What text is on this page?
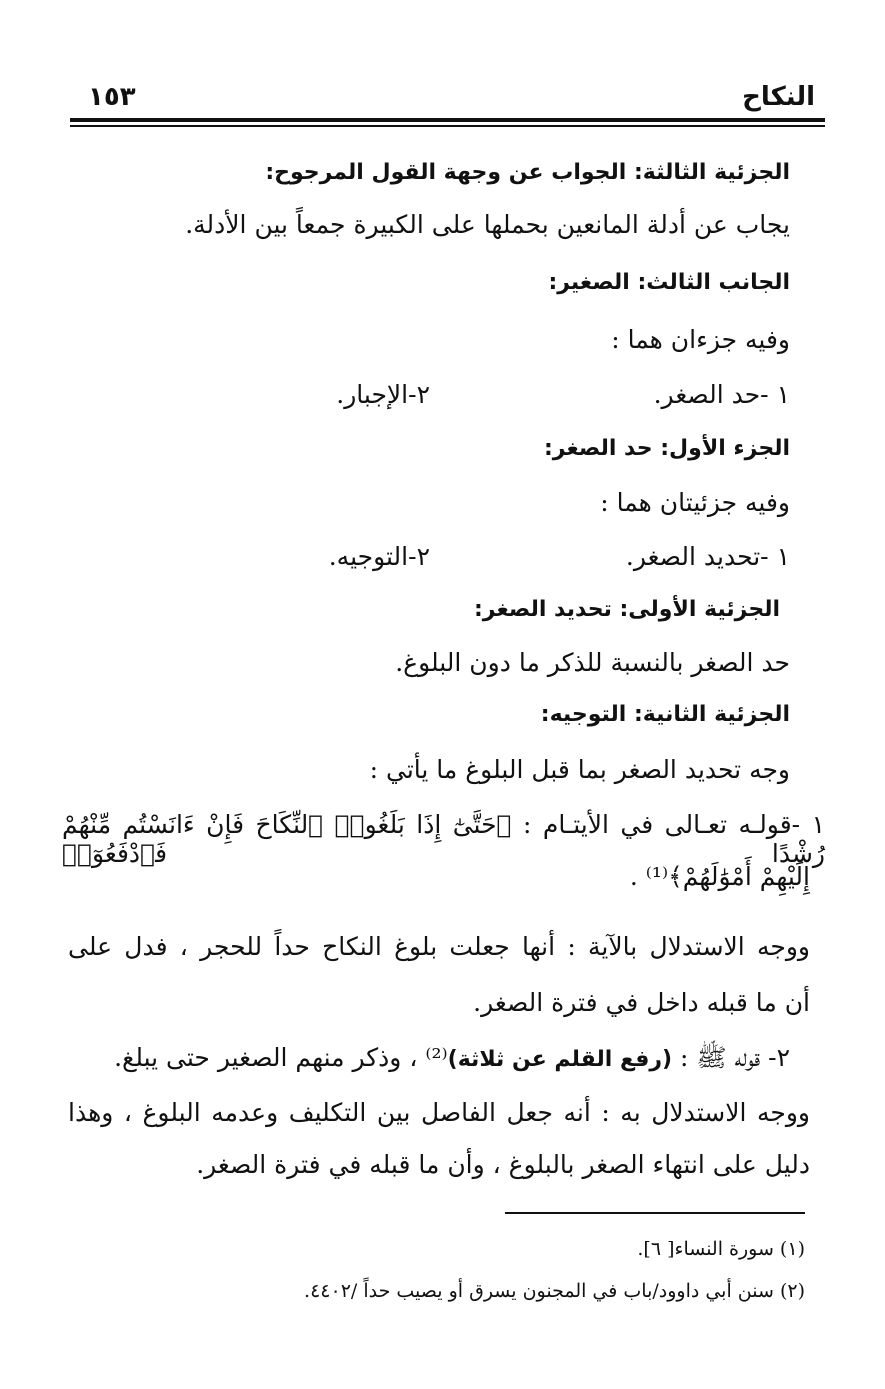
النكاح
١٥٣
الجزئية الثالثة: الجواب عن وجهة القول المرجوح:
يجاب عن أدلة المانعين بحملها على الكبيرة جمعاً بين الأدلة.
الجانب الثالث: الصغير:
وفيه جزءان هما :
١ -حد الصغر.
٢-الإجبار.
الجزء الأول: حد الصغر:
وفيه جزئيتان هما :
١ -تحديد الصغر.
٢-التوجيه.
الجزئية الأولى: تحديد الصغر:
حد الصغر بالنسبة للذكر ما دون البلوغ.
الجزئية الثانية: التوجيه:
وجه تحديد الصغر بما قبل البلوغ ما يأتي :
١ -قولـه تعـالى في الأيتـام : ﴿حَتَّىٰٓ إِذَا بَلَغُوا۟ ٱلنِّكَاحَ فَإِنْ ءَانَسْتُم مِّنْهُمْ رُشْدًا فَٱدْفَعُوٓا۟
إِلَيْهِمْ أَمْوَٰلَهُمْ﴾⁽¹⁾ .
ووجه الاستدلال بالآية : أنها جعلت بلوغ النكاح حداً للحجر ، فدل على
أن ما قبله داخل في فترة الصغر.
٢- قوله ﷺ : (رفع القلم عن ثلاثة)⁽²⁾ ، وذكر منهم الصغير حتى يبلغ.
ووجه الاستدلال به : أنه جعل الفاصل بين التكليف وعدمه البلوغ ، وهذا
دليل على انتهاء الصغر بالبلوغ ، وأن ما قبله في فترة الصغر.
(١) سورة النساء[ ٦].
(٢) سنن أبي داوود/باب في المجنون يسرق أو يصيب حداً /٤٤٠٢.
